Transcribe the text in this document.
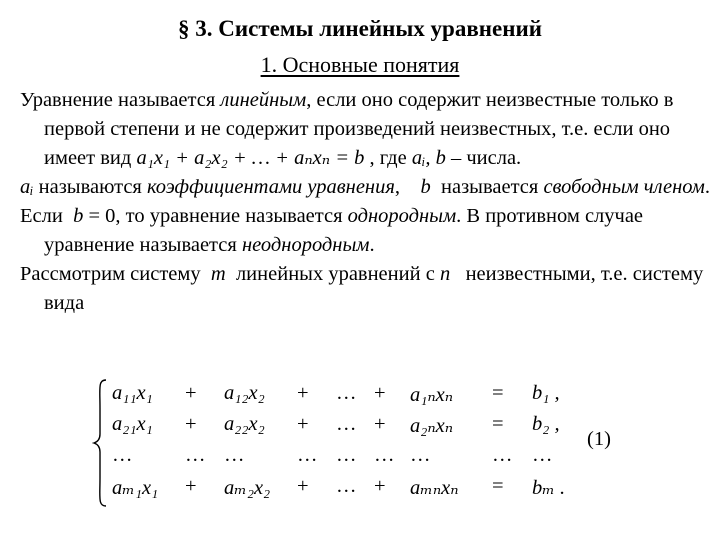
§ 3. Системы линейных уравнений
1. Основные понятия

Уравнение называется линейным, если оно содержит неизвестные только в первой степени и не содержит произведений неизвестных, т.е. если оно имеет вид a₁x₁ + a₂x₂ + … + aₙxₙ = b , где aᵢ, b – числа.

aᵢ называются коэффициентами уравнения,    b  называется свободным членом.

Если  b = 0, то уравнение называется однородным. В противном случае уравнение называется неоднородным.

Рассмотрим систему  m  линейных уравнений с n   неизвестными, т.е. систему вида

a₁₁x₁ + a₁₂x₂ + … + a₁ₙxₙ = b₁ ,
a₂₁x₁ + a₂₂x₂ + … + a₂ₙxₙ = b₂ ,
…	… …	… … … …	… …
aₘ₁x₁ + aₘ₂x₂ + … + aₘₙxₙ = bₘ .
(1)
